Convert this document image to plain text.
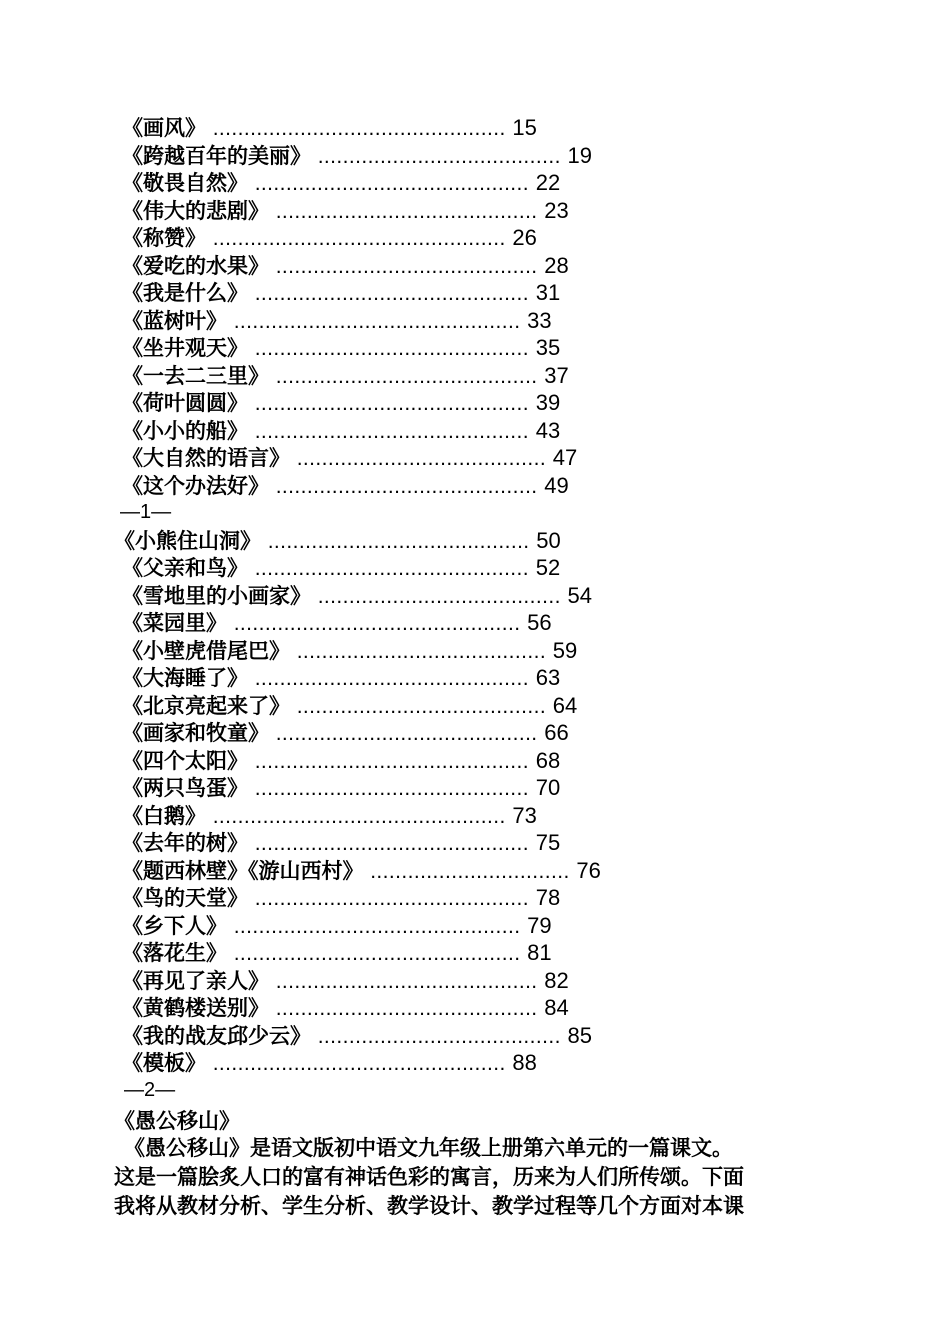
《画风》 ............................................... 15
《跨越百年的美丽》 ....................................... 19
《敬畏自然》 ............................................ 22
《伟大的悲剧》 .......................................... 23
《称赞》 ............................................... 26
《爱吃的水果》 .......................................... 28
《我是什么》 ............................................ 31
《蓝树叶》 .............................................. 33
《坐井观天》 ............................................ 35
《一去二三里》 .......................................... 37
《荷叶圆圆》 ............................................ 39
《小小的船》 ............................................ 43
《大自然的语言》 ........................................ 47
《这个办法好》 .......................................... 49
—1—
《小熊住山洞》 .......................................... 50
《父亲和鸟》 ............................................ 52
《雪地里的小画家》 ....................................... 54
《菜园里》 .............................................. 56
《小壁虎借尾巴》 ........................................ 59
《大海睡了》 ............................................ 63
《北京亮起来了》 ........................................ 64
《画家和牧童》 .......................................... 66
《四个太阳》 ............................................ 68
《两只鸟蛋》 ............................................ 70
《白鹅》 ............................................... 73
《去年的树》 ............................................ 75
《题西林壁》《游山西村》 ................................ 76
《鸟的天堂》 ............................................ 78
《乡下人》 .............................................. 79
《落花生》 .............................................. 81
《再见了亲人》 .......................................... 82
《黄鹤楼送别》 .......................................... 84
《我的战友邱少云》 ....................................... 85
《模板》 ............................................... 88
—2—
《愚公移山》
《愚公移山》是语文版初中语文九年级上册第六单元的一篇课文。
这是一篇脍炙人口的富有神话色彩的寓言，历来为人们所传颂。下面
我将从教材分析、学生分析、教学设计、教学过程等几个方面对本课
